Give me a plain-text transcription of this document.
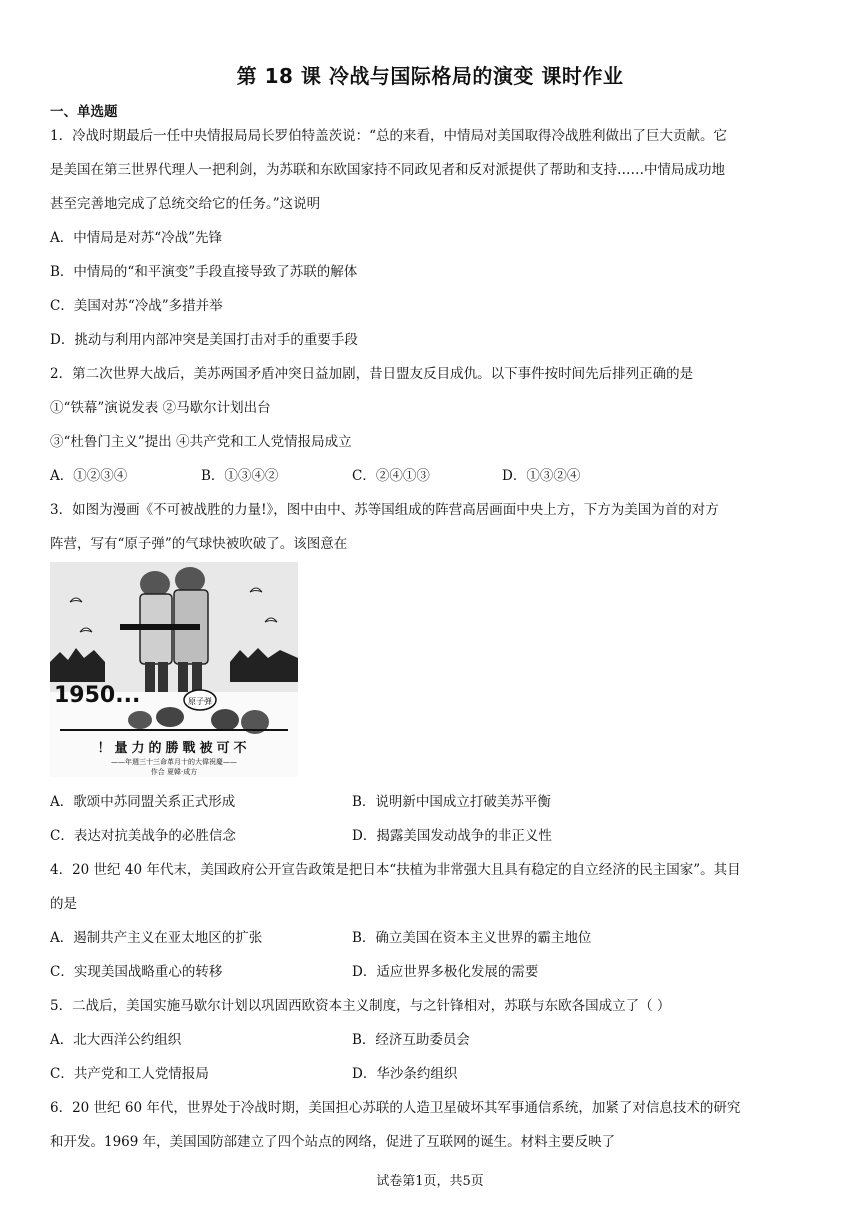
第 18 课 冷战与国际格局的演变 课时作业
一、单选题
1．冷战时期最后一任中央情报局局长罗伯特盖茨说：“总的来看，中情局对美国取得冷战胜利做出了巨大贡献。它
是美国在第三世界代理人一把利剑，为苏联和东欧国家持不同政见者和反对派提供了帮助和支持……中情局成功地
甚至完善地完成了总统交给它的任务。”这说明
A．中情局是对苏“冷战”先锋
B．中情局的“和平演变”手段直接导致了苏联的解体
C．美国对苏“冷战”多措并举
D．挑动与利用内部冲突是美国打击对手的重要手段
2．第二次世界大战后，美苏两国矛盾冲突日益加剧，昔日盟友反目成仇。以下事件按时间先后排列正确的是
①“铁幕”演说发表 ②马歇尔计划出台
③“杜鲁门主义”提出 ④共产党和工人党情报局成立
A．①②③④	B．①③④②	C．②④①③	D．①③②④
3．如图为漫画《不可被战胜的力量!》，图中由中、苏等国组成的阵营高居画面中央上方，下方为美国为首的对方
阵营，写有“原子弹”的气球快被吹破了。该图意在
原子弹
1950...
！量力的勝戰被可不
——年週三十三命革月十的大偉祝慶——
作合 夏韓·成方
A．歌颂中苏同盟关系正式形成	B．说明新中国成立打破美苏平衡
C．表达对抗美战争的必胜信念	D．揭露美国发动战争的非正义性
4．20 世纪 40 年代末，美国政府公开宣告政策是把日本“扶植为非常强大且具有稳定的自立经济的民主国家”。其目
的是
A．遏制共产主义在亚太地区的扩张	B．确立美国在资本主义世界的霸主地位
C．实现美国战略重心的转移	D．适应世界多极化发展的需要
5．二战后，美国实施马歇尔计划以巩固西欧资本主义制度，与之针锋相对，苏联与东欧各国成立了（ ）
A．北大西洋公约组织	B．经济互助委员会
C．共产党和工人党情报局	D．华沙条约组织
6．20 世纪 60 年代，世界处于冷战时期，美国担心苏联的人造卫星破坏其军事通信系统，加紧了对信息技术的研究
和开发。1969 年，美国国防部建立了四个站点的网络，促进了互联网的诞生。材料主要反映了
试卷第1页，共5页
